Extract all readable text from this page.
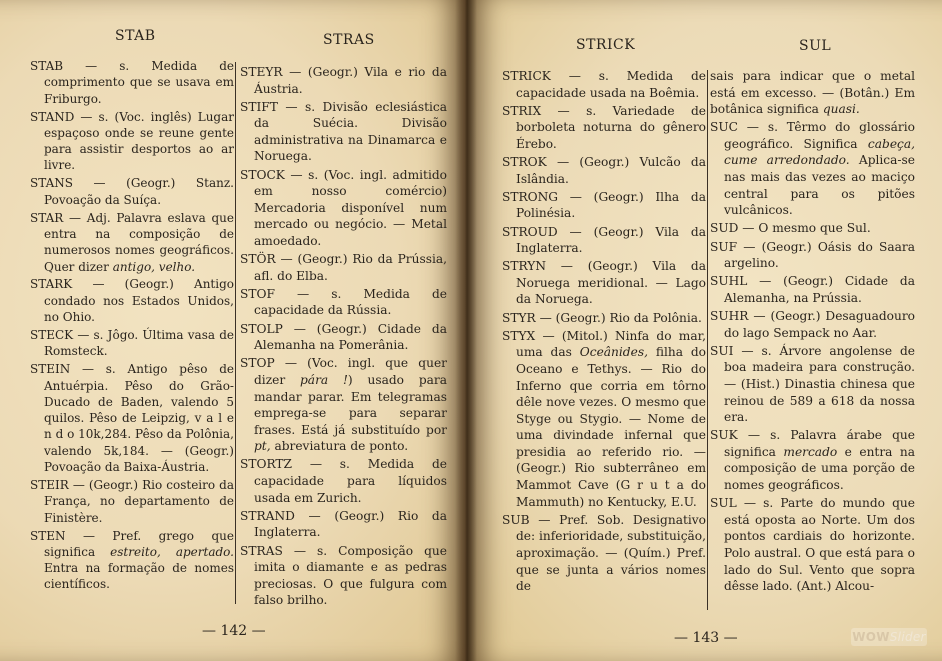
STAB	STRAS

STAB — s. Medida de comprimento que se usava em Friburgo.

STAND — s. (Voc. inglês) Lugar espaçoso onde se reune gente para assistir desportos ao ar livre.

STANS — (Geogr.) Stanz. Povoação da Suíça.

STAR — Adj. Palavra eslava que entra na composição de numerosos nomes geográficos. Quer dizer antigo, velho.

STARK — (Geogr.) Antigo condado nos Estados Unidos, no Ohio.

STECK — s. Jôgo. Última vasa de Romsteck.

STEIN — s. Antigo pêso de Antuérpia. Pêso do Grão-Ducado de Baden, valendo 5 quilos. Pêso de Leipzig, v a l e n d o 10k,284. Pêso da Polônia, valendo 5k,184. — (Geogr.) Povoação da Baixa-Áustria.

STEIR — (Geogr.) Rio costeiro da França, no departamento de Finistère.

STEN — Pref. grego que significa estreito, apertado. Entra na formação de nomes científicos.

STEYR — (Geogr.) Vila e rio da Áustria.

STIFT — s. Divisão eclesiástica da Suécia. Divisão administrativa na Dinamarca e Noruega.

STOCK — s. (Voc. ingl. admitido em nosso comércio) Mercadoria disponível num mercado ou negócio. — Metal amoedado.

STÖR — (Geogr.) Rio da Prússia, afl. do Elba.

STOF — s. Medida de capacidade da Rússia.

STOLP — (Geogr.) Cidade da Alemanha na Pomerânia.

STOP — (Voc. ingl. que quer dizer pára !) usado para mandar parar. Em telegramas emprega-se para separar frases. Está já substituído por pt, abreviatura de ponto.

STORTZ — s. Medida de capacidade para líquidos usada em Zurich.

STRAND — (Geogr.) Rio da Inglaterra.

STRAS — s. Composição que imita o diamante e as pedras preciosas. O que fulgura com falso brilho.

— 142 —
STRICK	SUL

STRICK — s. Medida de capacidade usada na Boêmia.

STRIX — s. Variedade de borboleta noturna do gênero Érebo.

STROK — (Geogr.) Vulcão da Islândia.

STRONG — (Geogr.) Ilha da Polinésia.

STROUD — (Geogr.) Vila da Inglaterra.

STRYN — (Geogr.) Vila da Noruega meridional. — Lago da Noruega.

STYR — (Geogr.) Rio da Polônia.

STYX — (Mitol.) Ninfa do mar, uma das Oceânides, filha do Oceano e Tethys. — Rio do Inferno que corria em tôrno dêle nove vezes. O mesmo que Styge ou Stygio. — Nome de uma divindade infernal que presidia ao referido rio. — (Geogr.) Rio subterrâneo em Mammot Cave (G r u t a do Mammuth) no Kentucky, E.U.

SUB — Pref. Sob. Designativo de: inferioridade, substituição, aproximação. — (Quím.) Pref. que se junta a vários nomes de

sais para indicar que o metal está em excesso. — (Botân.) Em botânica significa quasi.

SUC — s. Têrmo do glossário geográfico. Significa cabeça, cume arredondado. Aplica-se nas mais das vezes ao maciço central para os pitões vulcânicos.

SUD — O mesmo que Sul.

SUF — (Geogr.) Oásis do Saara argelino.

SUHL — (Geogr.) Cidade da Alemanha, na Prússia.

SUHR — (Geogr.) Desaguadouro do lago Sempack no Aar.

SUI — s. Árvore angolense de boa madeira para construção. — (Hist.) Dinastia chinesa que reinou de 589 a 618 da nossa era.

SUK — s. Palavra árabe que significa mercado e entra na composição de uma porção de nomes geográficos.

SUL — s. Parte do mundo que está oposta ao Norte. Um dos pontos cardiais do horizonte. Polo austral. O que está para o lado do Sul. Vento que sopra dêsse lado. (Ant.) Alcou-

— 143 —	WOWSlider
